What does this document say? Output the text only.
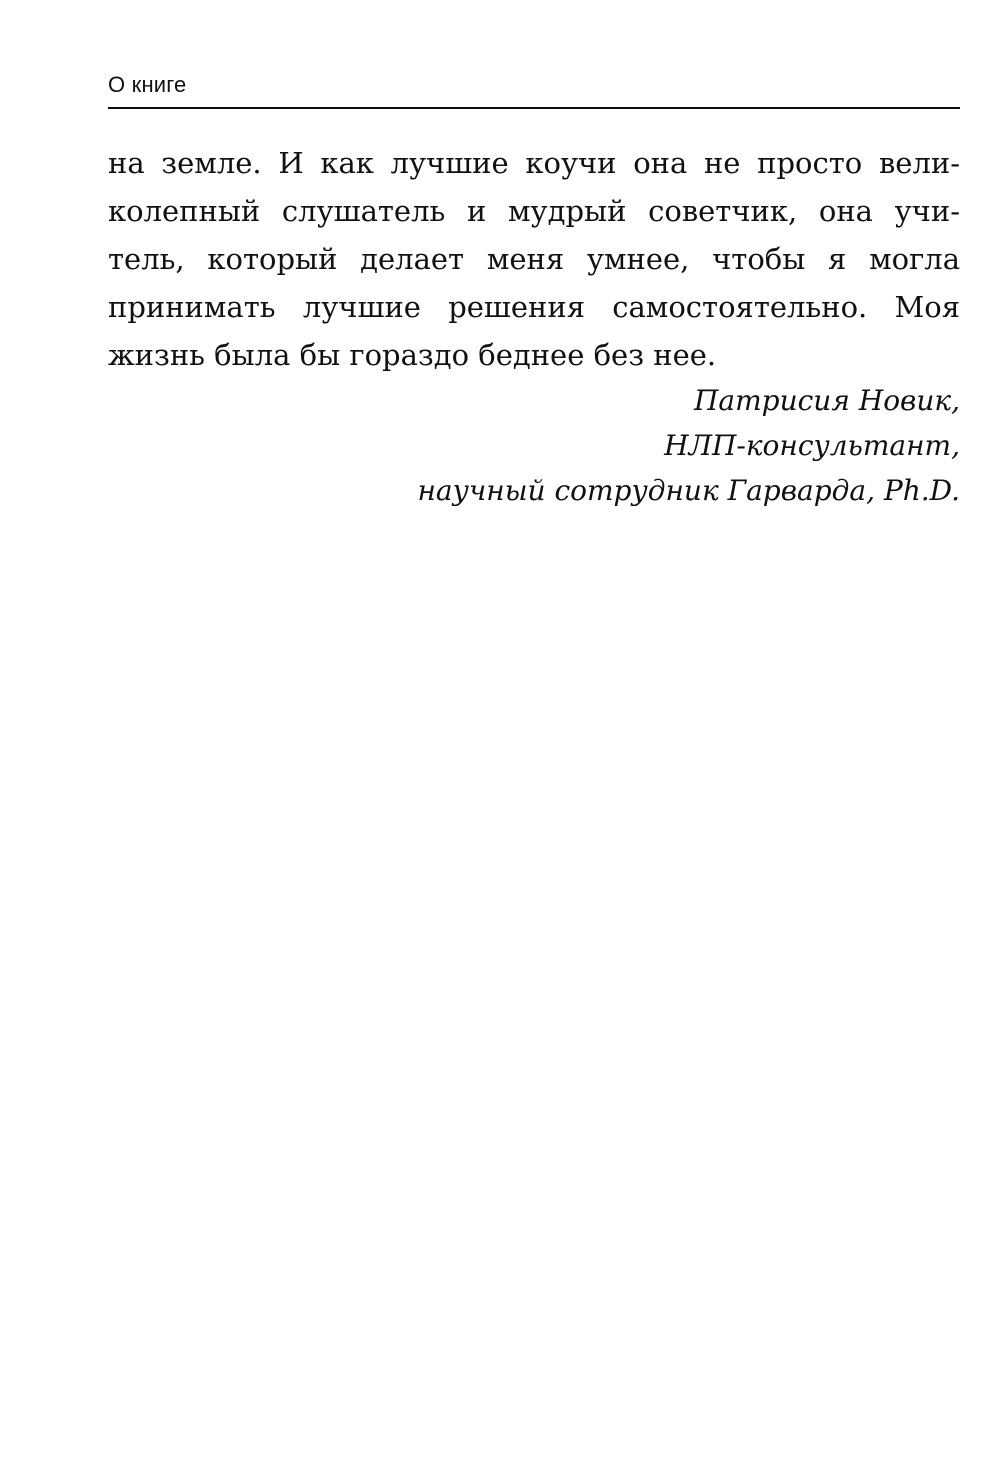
О книге
на земле. И как лучшие коучи она не просто вели-
колепный слушатель и мудрый советчик, она учи-
тель, который делает меня умнее, чтобы я могла
принимать лучшие решения самостоятельно. Моя
жизнь была бы гораздо беднее без нее.
Патрисия Новик,
НЛП-консультант,
научный сотрудник Гарварда, Ph.D.
